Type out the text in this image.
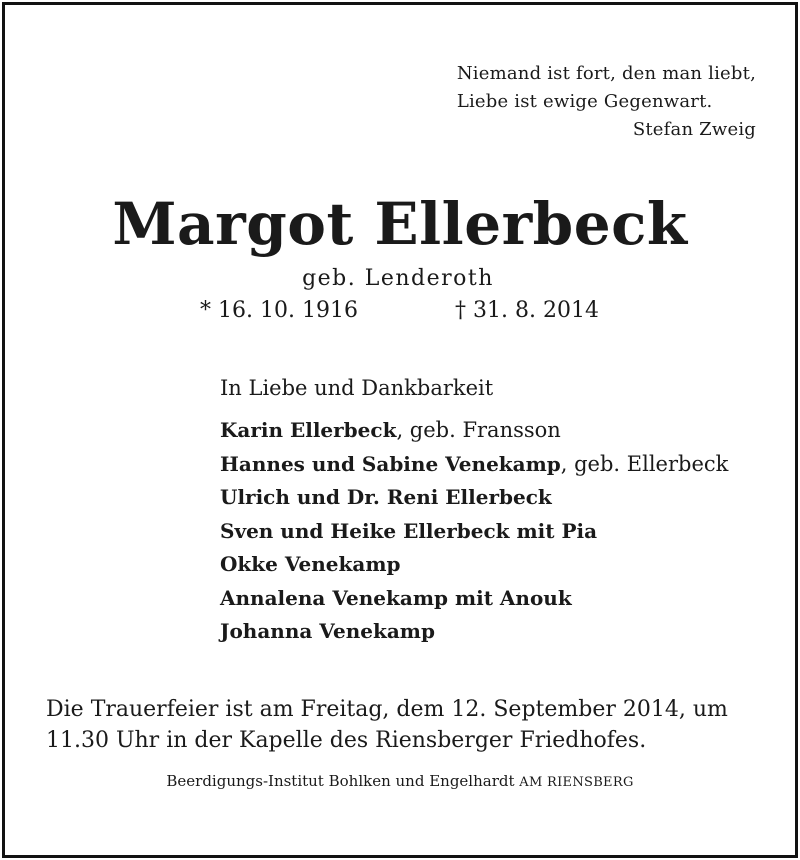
Niemand ist fort, den man liebt,
Liebe ist ewige Gegenwart.
Stefan Zweig
Margot Ellerbeck
geb. Lenderoth
* 16. 10. 1916	† 31. 8. 2014
In Liebe und Dankbarkeit
Karin Ellerbeck, geb. Fransson
Hannes und Sabine Venekamp, geb. Ellerbeck
Ulrich und Dr. Reni Ellerbeck
Sven und Heike Ellerbeck mit Pia
Okke Venekamp
Annalena Venekamp mit Anouk
Johanna Venekamp
Die Trauerfeier ist am Freitag, dem 12. September 2014, um
11.30 Uhr in der Kapelle des Riensberger Friedhofes.
Beerdigungs-Institut Bohlken und Engelhardt AM RIENSBERG
